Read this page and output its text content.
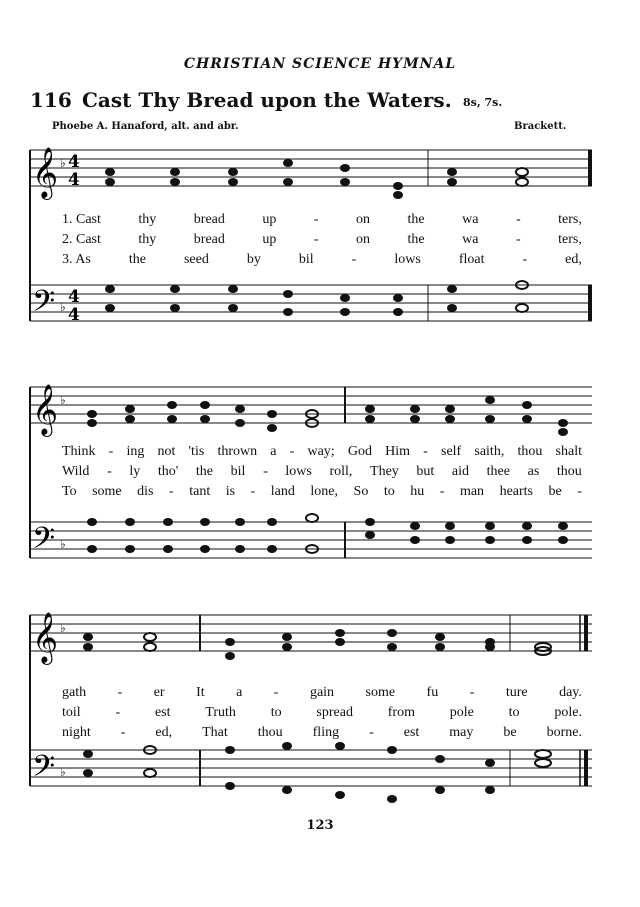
CHRISTIAN SCIENCE HYMNAL
116 Cast Thy Bread upon the Waters. 8s, 7s.
Phoebe A. Hanaford, alt. and abr.	Brackett.
𝄞
𝄢
♭
♭
4
4
4
4
𝄞
𝄢
♭
♭
𝄞
𝄢
♭
♭
123
1. Cast	thy	bread	up	-	on	the	wa	-	ters,
2. Cast	thy	bread	up	-	on	the	wa	-	ters,
3. As	the	seed	by	bil	-	lows	float	-	ed,
Think - ing not 'tis thrown a - way; God Him - self saith, thou shalt
Wild - ly tho' the bil - lows roll, They but aid thee as thou
To some dis - tant is - land lone, So to hu - man hearts be -
gath - er It a - gain some fu - ture day.
toil - est Truth to spread from pole to pole.
night - ed, That thou fling - est may be borne.
